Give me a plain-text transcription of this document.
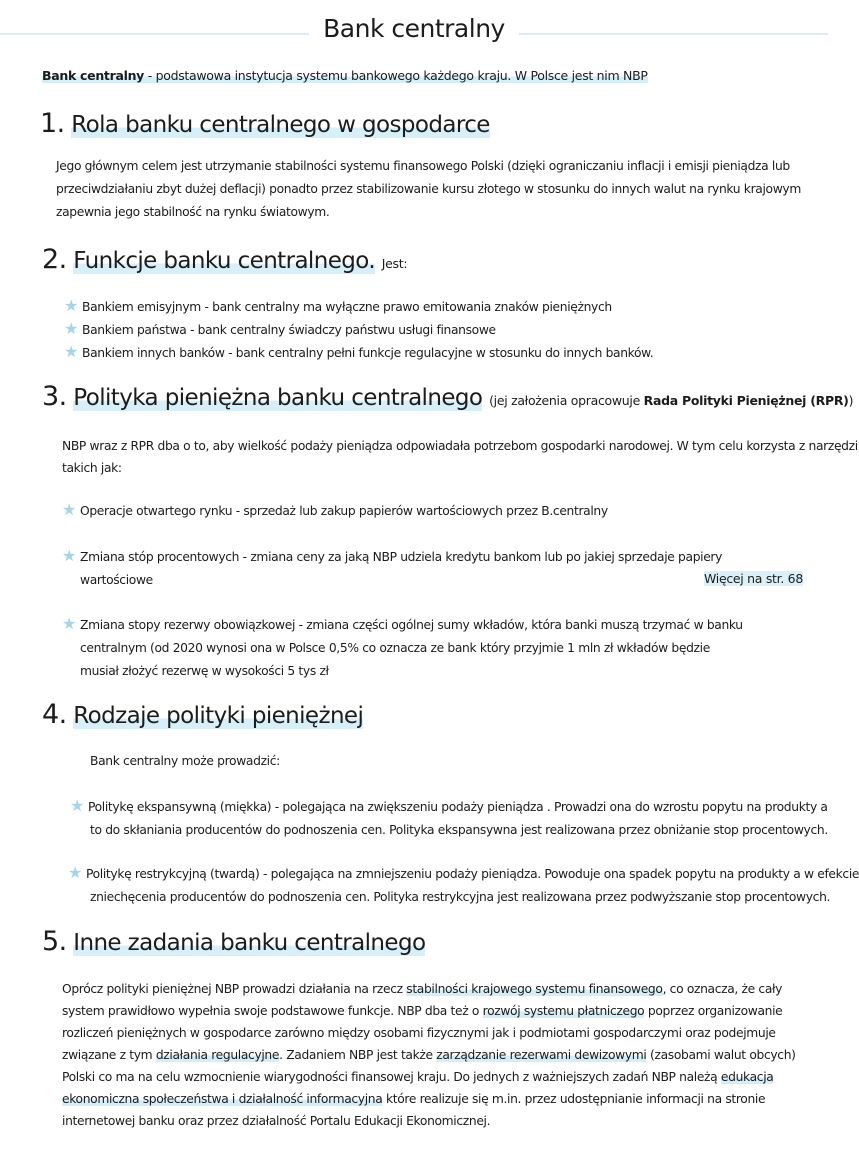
Bank centralny
Bank centralny - podstawowa instytucja systemu bankowego każdego kraju. W Polsce jest nim NBP
1. Rola banku centralnego w gospodarce
Jego głównym celem jest utrzymanie stabilności systemu finansowego Polski (dzięki ograniczaniu inflacji i emisji pieniądza lub
przeciwdziałaniu zbyt dużej deflacji) ponadto przez stabilizowanie kursu złotego w stosunku do innych walut na rynku krajowym
zapewnia jego stabilność na rynku światowym.
2. Funkcje banku centralnego. Jest:
★ Bankiem emisyjnym - bank centralny ma wyłączne prawo emitowania znaków pieniężnych
★ Bankiem państwa - bank centralny świadczy państwu usługi finansowe
★ Bankiem innych banków - bank centralny pełni funkcje regulacyjne w stosunku do innych banków.
3. Polityka pieniężna banku centralnego (jej założenia opracowuje Rada Polityki Pieniężnej (RPR))
NBP wraz z RPR dba o to, aby wielkość podaży pieniądza odpowiadała potrzebom gospodarki narodowej. W tym celu korzysta z narzędzi
takich jak:
★ Operacje otwartego rynku - sprzedaż lub zakup papierów wartościowych przez B.centralny
★ Zmiana stóp procentowych - zmiana ceny za jaką NBP udziela kredytu bankom lub po jakiej sprzedaje papiery
wartościowe	Więcej na str. 68
★ Zmiana stopy rezerwy obowiązkowej - zmiana części ogólnej sumy wkładów, która banki muszą trzymać w banku
centralnym (od 2020 wynosi ona w Polsce 0,5% co oznacza ze bank który przyjmie 1 mln zł wkładów będzie
musiał złożyć rezerwę w wysokości 5 tys zł
4. Rodzaje polityki pieniężnej
Bank centralny może prowadzić:
★ Politykę ekspansywną (miękka) - polegająca na zwiększeniu podaży pieniądza . Prowadzi ona do wzrostu popytu na produkty a
to do skłaniania producentów do podnoszenia cen. Polityka ekspansywna jest realizowana przez obniżanie stop procentowych.
★ Politykę restrykcyjną (twardą) - polegająca na zmniejszeniu podaży pieniądza. Powoduje ona spadek popytu na produkty a w efekcie
zniechęcenia producentów do podnoszenia cen. Polityka restrykcyjna jest realizowana przez podwyższanie stop procentowych.
5. Inne zadania banku centralnego
Oprócz polityki pieniężnej NBP prowadzi działania na rzecz stabilności krajowego systemu finansowego, co oznacza, że cały
system prawidłowo wypełnia swoje podstawowe funkcje. NBP dba też o rozwój systemu płatniczego poprzez organizowanie
rozliczeń pieniężnych w gospodarce zarówno między osobami fizycznymi jak i podmiotami gospodarczymi oraz podejmuje
związane z tym działania regulacyjne. Zadaniem NBP jest także zarządzanie rezerwami dewizowymi (zasobami walut obcych)
Polski co ma na celu wzmocnienie wiarygodności finansowej kraju. Do jednych z ważniejszych zadań NBP należą edukacja
ekonomiczna społeczeństwa i działalność informacyjna które realizuje się m.in. przez udostępnianie informacji na stronie
internetowej banku oraz przez działalność Portalu Edukacji Ekonomicznej.
